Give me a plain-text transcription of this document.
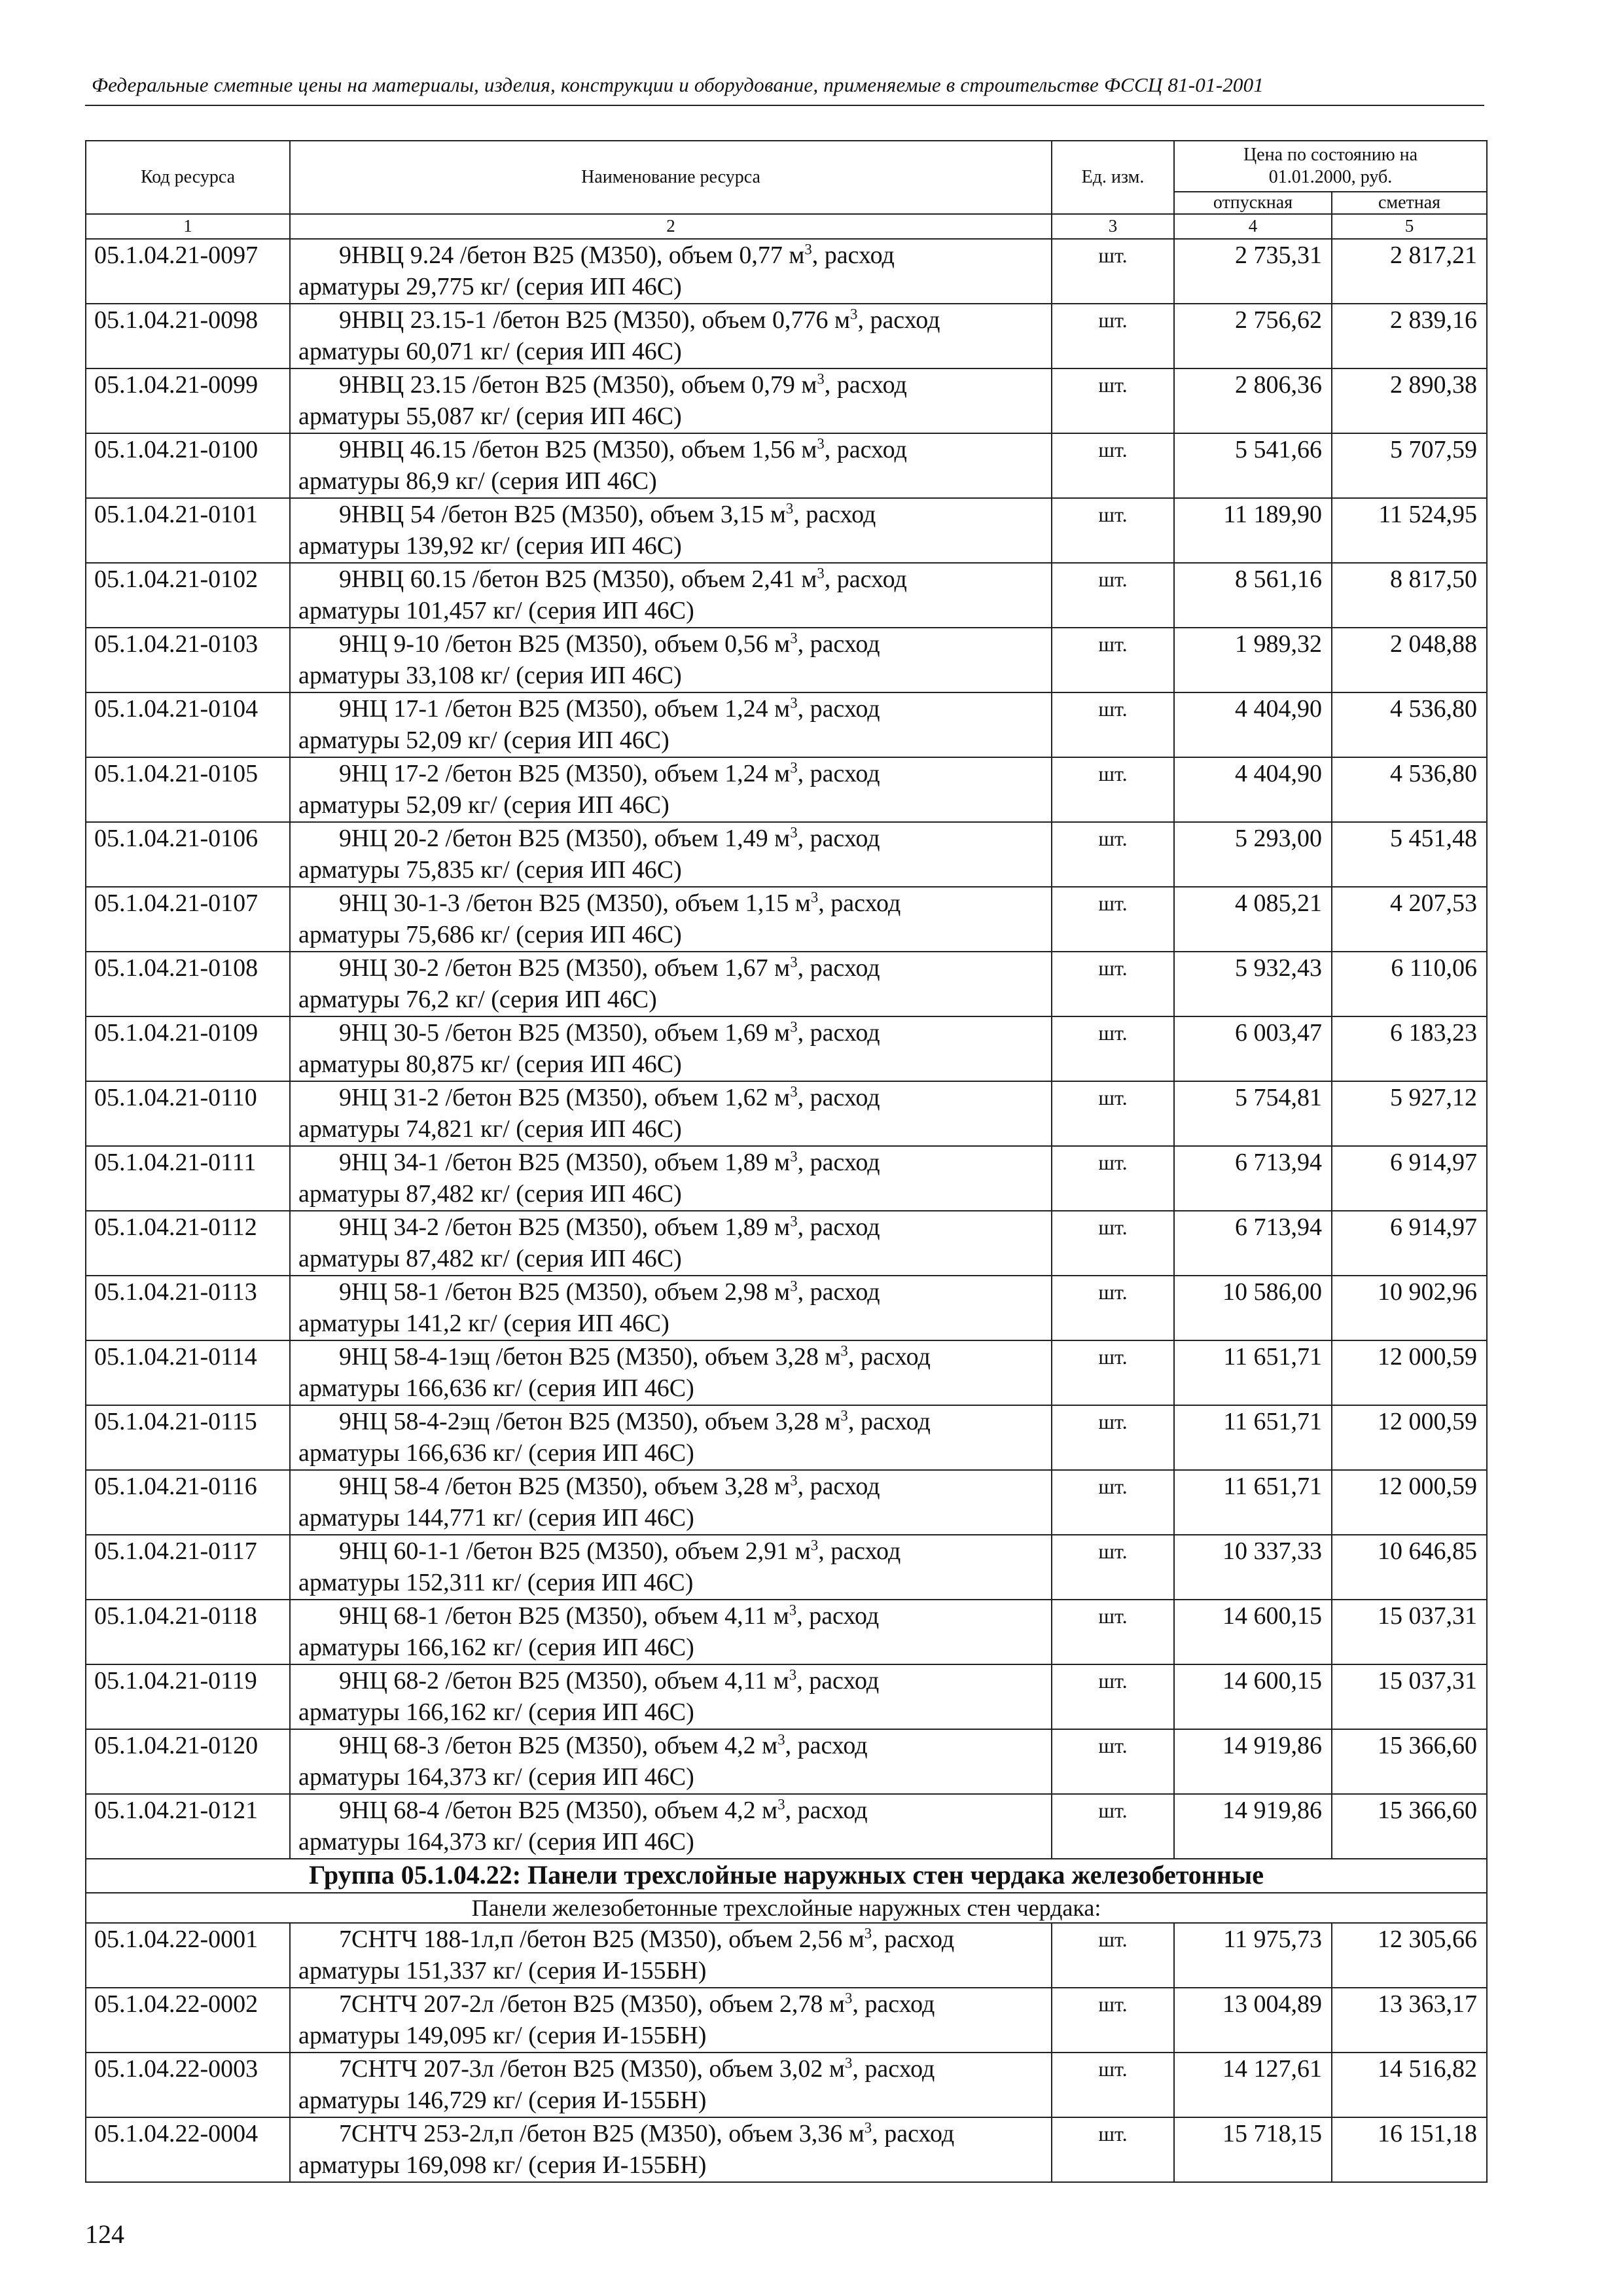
Федеральные сметные цены на материалы, изделия, конструкции и оборудование, применяемые в строительстве ФССЦ 81-01-2001
Код ресурса	Наименование ресурса	Ед. изм.	Цена по состоянию на 01.01.2000, руб.	
			отпускная	сметная
1	2	3	4	5
05.1.04.21-0097	9НВЦ 9.24 /бетон В25 (М350), объем 0,77 $м^3$, расход
арматуры 29,775 кг/ (серия ИП 46С)	шт.	2 735,31	2 817,21
05.1.04.21-0098	9НВЦ 23.15-1 /бетон В25 (М350), объем 0,776 $м^3$, расход
арматуры 60,071 кг/ (серия ИП 46С)	шт.	2 756,62	2 839,16
05.1.04.21-0099	9НВЦ 23.15 /бетон В25 (М350), объем 0,79 $м^3$, расход
арматуры 55,087 кг/ (серия ИП 46С)	шт.	2 806,36	2 890,38
05.1.04.21-0100	9НВЦ 46.15 /бетон В25 (М350), объем 1,56 $м^3$, расход
арматуры 86,9 кг/ (серия ИП 46С)	шт.	5 541,66	5 707,59
05.1.04.21-0101	9НВЦ 54 /бетон В25 (М350), объем 3,15 $м^3$, расход
арматуры 139,92 кг/ (серия ИП 46С)	шт.	11 189,90	11 524,95
05.1.04.21-0102	9НВЦ 60.15 /бетон В25 (М350), объем 2,41 $м^3$, расход
арматуры 101,457 кг/ (серия ИП 46С)	шт.	8 561,16	8 817,50
05.1.04.21-0103	9НЦ 9-10 /бетон В25 (М350), объем 0,56 $м^3$, расход
арматуры 33,108 кг/ (серия ИП 46С)	шт.	1 989,32	2 048,88
05.1.04.21-0104	9НЦ 17-1 /бетон В25 (М350), объем 1,24 $м^3$, расход
арматуры 52,09 кг/ (серия ИП 46С)	шт.	4 404,90	4 536,80
05.1.04.21-0105	9НЦ 17-2 /бетон В25 (М350), объем 1,24 $м^3$, расход
арматуры 52,09 кг/ (серия ИП 46С)	шт.	4 404,90	4 536,80
05.1.04.21-0106	9НЦ 20-2 /бетон В25 (М350), объем 1,49 $м^3$, расход
арматуры 75,835 кг/ (серия ИП 46С)	шт.	5 293,00	5 451,48
05.1.04.21-0107	9НЦ 30-1-3 /бетон В25 (М350), объем 1,15 $м^3$, расход
арматуры 75,686 кг/ (серия ИП 46С)	шт.	4 085,21	4 207,53
05.1.04.21-0108	9НЦ 30-2 /бетон В25 (М350), объем 1,67 $м^3$, расход
арматуры 76,2 кг/ (серия ИП 46С)	шт.	5 932,43	6 110,06
05.1.04.21-0109	9НЦ 30-5 /бетон В25 (М350), объем 1,69 $м^3$, расход
арматуры 80,875 кг/ (серия ИП 46С)	шт.	6 003,47	6 183,23
05.1.04.21-0110	9НЦ 31-2 /бетон В25 (М350), объем 1,62 $м^3$, расход
арматуры 74,821 кг/ (серия ИП 46С)	шт.	5 754,81	5 927,12
05.1.04.21-0111	9НЦ 34-1 /бетон В25 (М350), объем 1,89 $м^3$, расход
арматуры 87,482 кг/ (серия ИП 46С)	шт.	6 713,94	6 914,97
05.1.04.21-0112	9НЦ 34-2 /бетон В25 (М350), объем 1,89 $м^3$, расход
арматуры 87,482 кг/ (серия ИП 46С)	шт.	6 713,94	6 914,97
05.1.04.21-0113	9НЦ 58-1 /бетон В25 (М350), объем 2,98 $м^3$, расход
арматуры 141,2 кг/ (серия ИП 46С)	шт.	10 586,00	10 902,96
05.1.04.21-0114	9НЦ 58-4-1эщ /бетон В25 (М350), объем 3,28 $м^3$, расход
арматуры 166,636 кг/ (серия ИП 46С)	шт.	11 651,71	12 000,59
05.1.04.21-0115	9НЦ 58-4-2эщ /бетон В25 (М350), объем 3,28 $м^3$, расход
арматуры 166,636 кг/ (серия ИП 46С)	шт.	11 651,71	12 000,59
05.1.04.21-0116	9НЦ 58-4 /бетон В25 (М350), объем 3,28 $м^3$, расход
арматуры 144,771 кг/ (серия ИП 46С)	шт.	11 651,71	12 000,59
05.1.04.21-0117	9НЦ 60-1-1 /бетон В25 (М350), объем 2,91 $м^3$, расход
арматуры 152,311 кг/ (серия ИП 46С)	шт.	10 337,33	10 646,85
05.1.04.21-0118	9НЦ 68-1 /бетон В25 (М350), объем 4,11 $м^3$, расход
арматуры 166,162 кг/ (серия ИП 46С)	шт.	14 600,15	15 037,31
05.1.04.21-0119	9НЦ 68-2 /бетон В25 (М350), объем 4,11 $м^3$, расход
арматуры 166,162 кг/ (серия ИП 46С)	шт.	14 600,15	15 037,31
05.1.04.21-0120	9НЦ 68-3 /бетон В25 (М350), объем 4,2 $м^3$, расход
арматуры 164,373 кг/ (серия ИП 46С)	шт.	14 919,86	15 366,60
05.1.04.21-0121	9НЦ 68-4 /бетон В25 (М350), объем 4,2 $м^3$, расход
арматуры 164,373 кг/ (серия ИП 46С)	шт.	14 919,86	15 366,60
Группа 05.1.04.22: Панели трехслойные наружных стен чердака железобетонные				
Панели железобетонные трехслойные наружных стен чердака:				
05.1.04.22-0001	7СНТЧ 188-1л,п /бетон В25 (М350), объем 2,56 $м^3$, расход
арматуры 151,337 кг/ (серия И-155БН)	шт.	11 975,73	12 305,66
05.1.04.22-0002	7СНТЧ 207-2л /бетон В25 (М350), объем 2,78 $м^3$, расход
арматуры 149,095 кг/ (серия И-155БН)	шт.	13 004,89	13 363,17
05.1.04.22-0003	7СНТЧ 207-3л /бетон В25 (М350), объем 3,02 $м^3$, расход
арматуры 146,729 кг/ (серия И-155БН)	шт.	14 127,61	14 516,82
05.1.04.22-0004	7СНТЧ 253-2л,п /бетон В25 (М350), объем 3,36 $м^3$, расход
арматуры 169,098 кг/ (серия И-155БН)	шт.	15 718,15	16 151,18
124
